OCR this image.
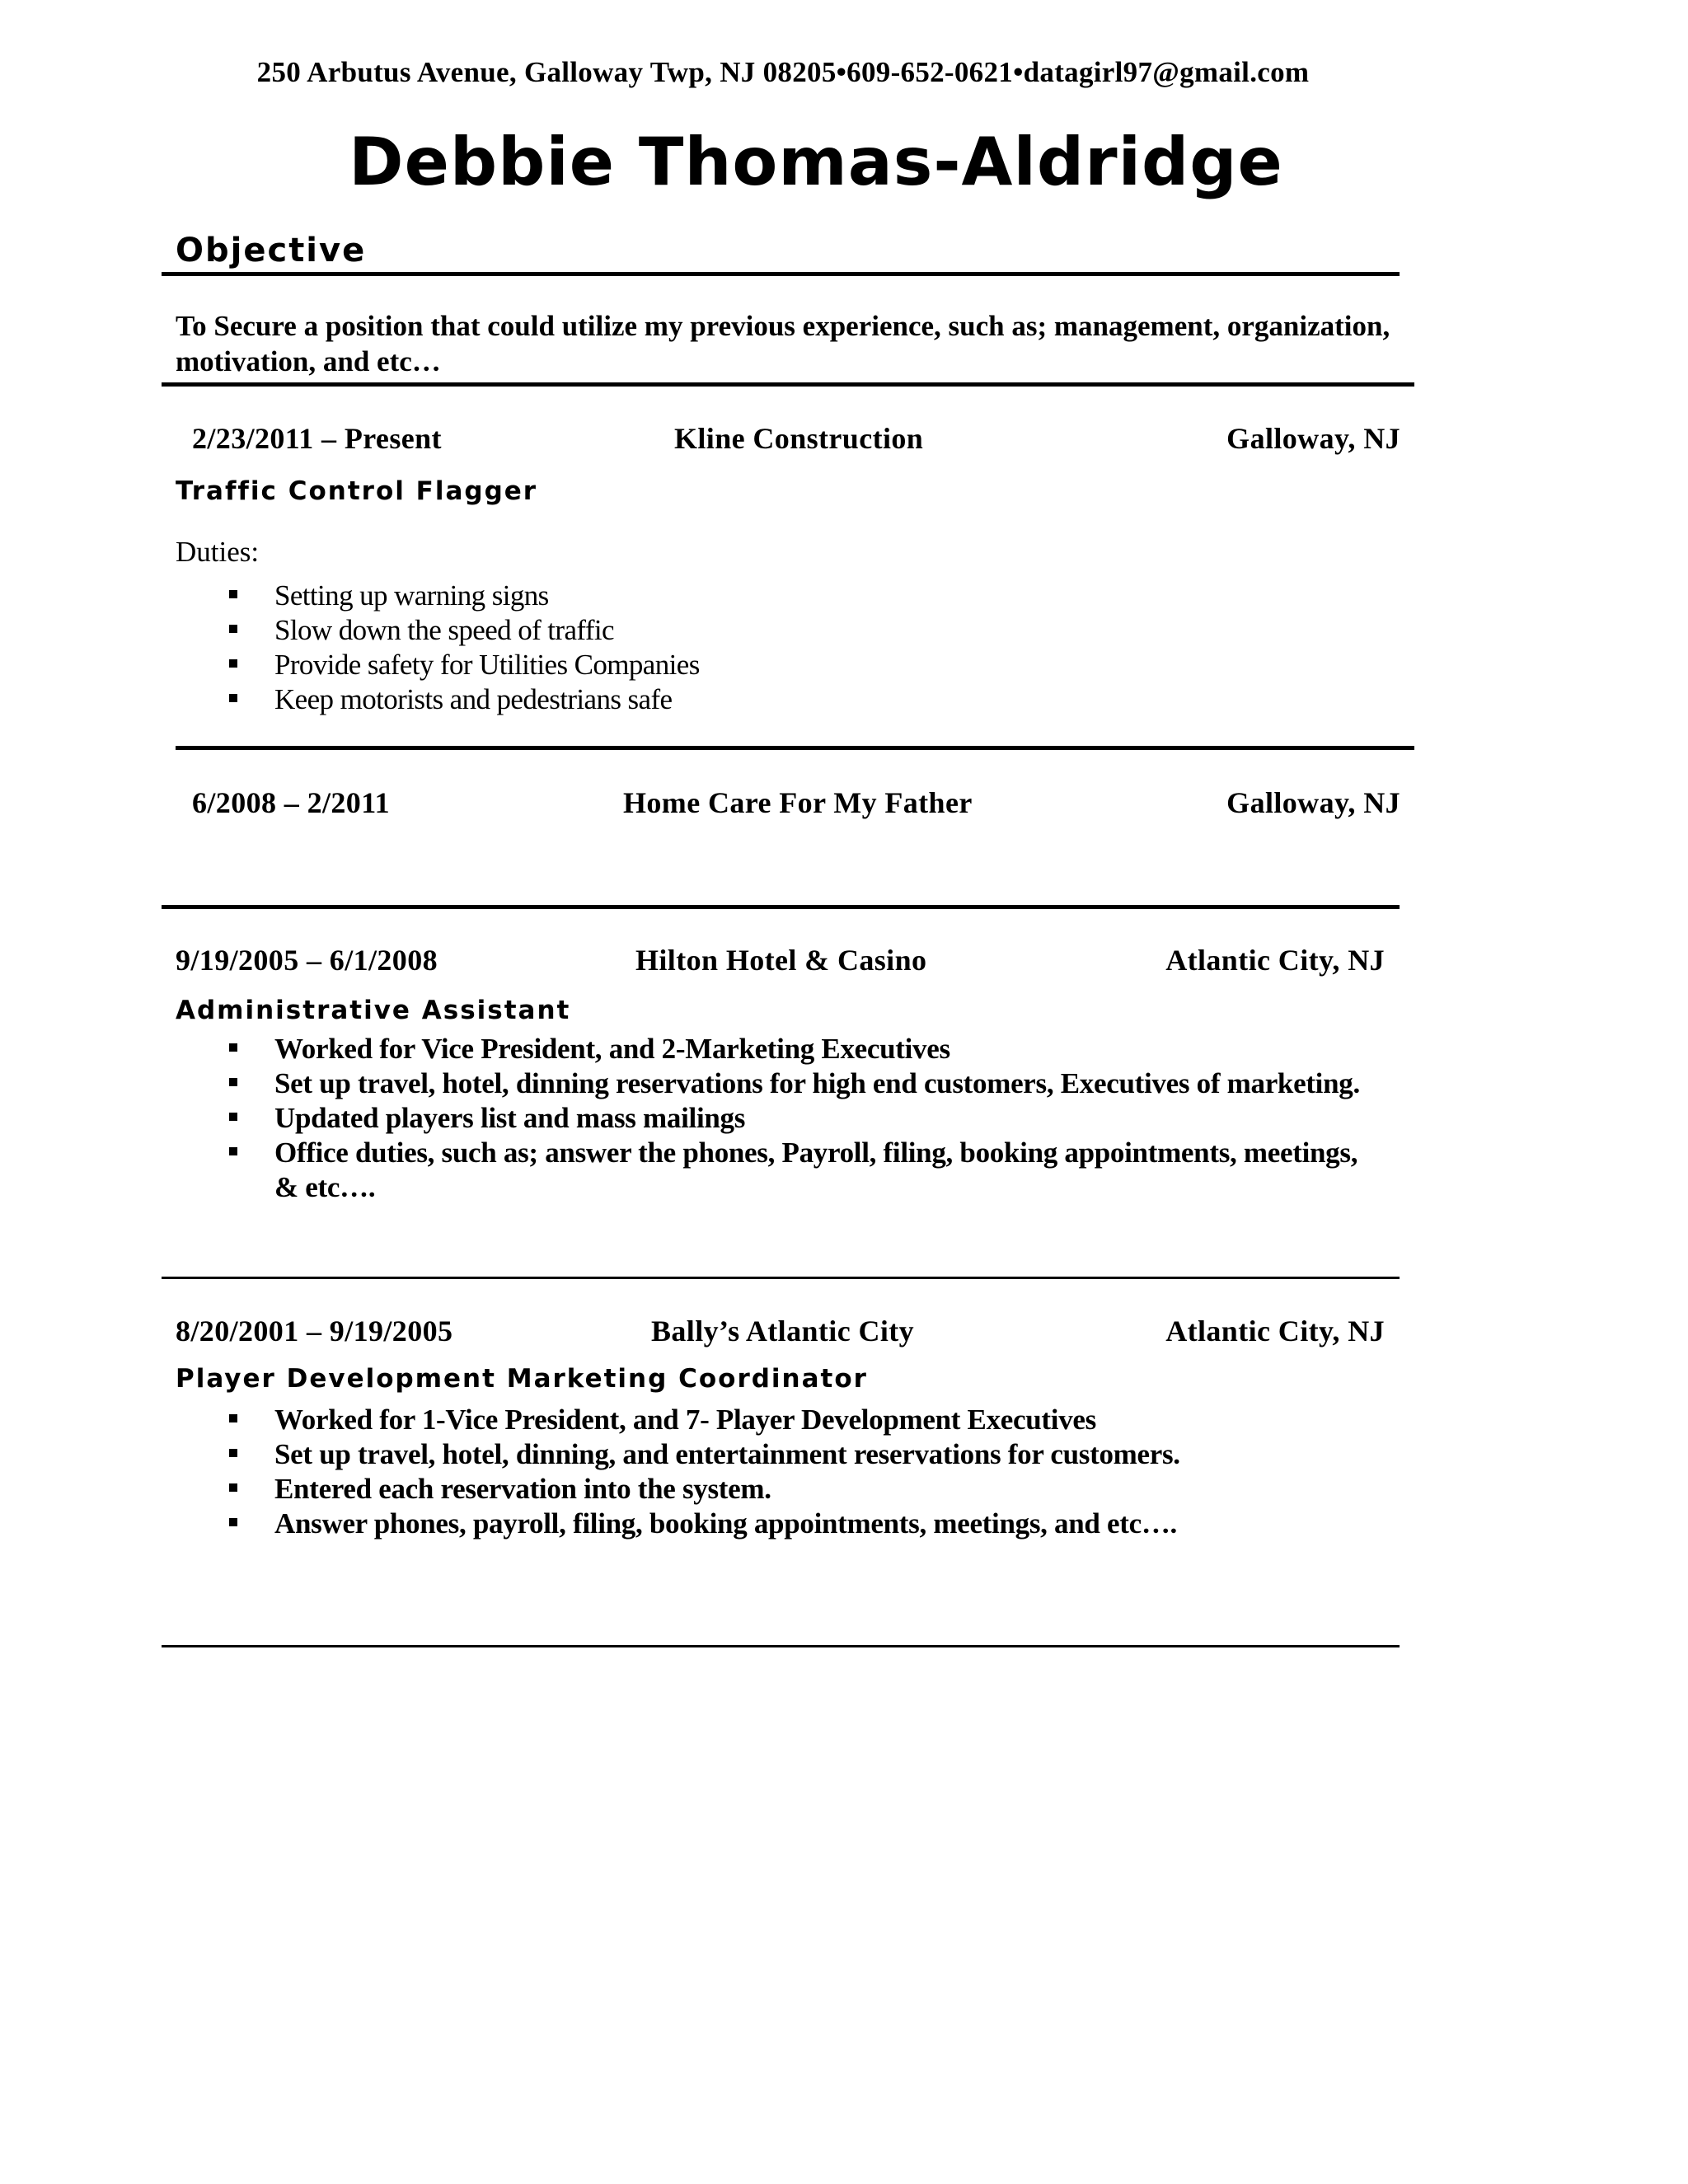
250 Arbutus Avenue, Galloway Twp, NJ 08205•609-652-0621•datagirl97@gmail.com
Debbie Thomas-Aldridge
Objective
To Secure a position that could utilize my previous experience, such as; management, organization, motivation, and etc…
2/23/2011 – Present	Kline Construction	Galloway, NJ
Traffic Control Flagger
Duties:
Setting up warning signs
Slow down the speed of traffic
Provide safety for Utilities Companies
Keep motorists and pedestrians safe
6/2008 – 2/2011	Home Care For My Father	Galloway, NJ
9/19/2005 – 6/1/2008	Hilton Hotel & Casino	Atlantic City, NJ
Administrative Assistant
Worked for Vice President, and 2-Marketing Executives
Set up travel, hotel, dinning reservations for high end customers, Executives of marketing.
Updated players list and mass mailings
Office duties, such as; answer the phones, Payroll, filing, booking appointments, meetings,
& etc….
8/20/2001 – 9/19/2005	Bally’s Atlantic City	Atlantic City, NJ
Player Development Marketing Coordinator
Worked for 1-Vice President, and 7- Player Development Executives
Set up travel, hotel, dinning, and entertainment reservations for customers.
Entered each reservation into the system.
Answer phones, payroll, filing, booking appointments, meetings, and etc….
